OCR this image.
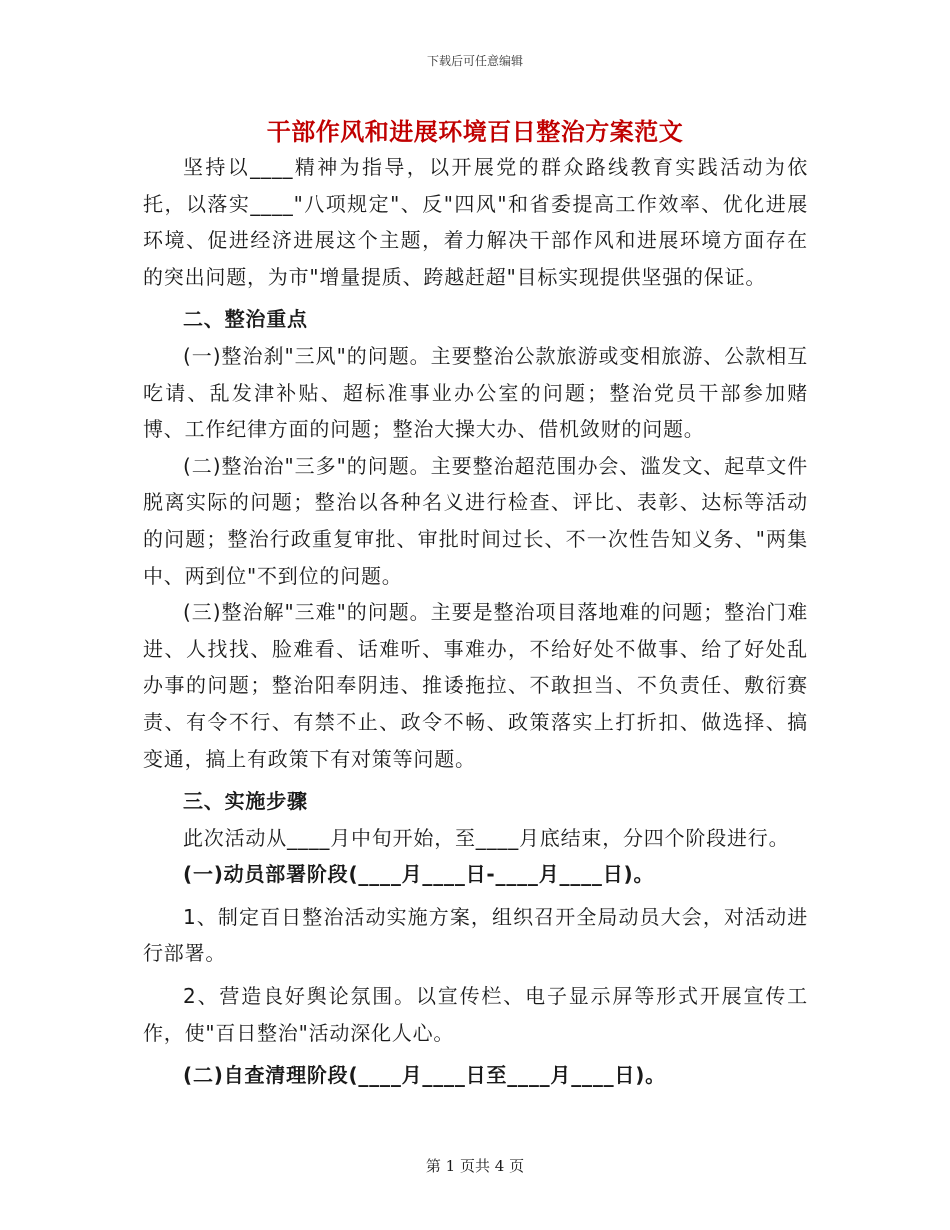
下载后可任意编辑
干部作风和进展环境百日整治方案范文

坚持以____精神为指导，以开展党的群众路线教育实践活动为依托，以落实____"八项规定"、反"四风"和省委提高工作效率、优化进展环境、促进经济进展这个主题，着力解决干部作风和进展环境方面存在的突出问题，为市"增量提质、跨越赶超"目标实现提供坚强的保证。

二、整治重点

(一)整治刹"三风"的问题。主要整治公款旅游或变相旅游、公款相互吃请、乱发津补贴、超标准事业办公室的问题；整治党员干部参加赌博、工作纪律方面的问题；整治大操大办、借机敛财的问题。

(二)整治治"三多"的问题。主要整治超范围办会、滥发文、起草文件脱离实际的问题；整治以各种名义进行检查、评比、表彰、达标等活动的问题；整治行政重复审批、审批时间过长、不一次性告知义务、"两集中、两到位"不到位的问题。

(三)整治解"三难"的问题。主要是整治项目落地难的问题；整治门难进、人找找、脸难看、话难听、事难办，不给好处不做事、给了好处乱办事的问题；整治阳奉阴违、推诿拖拉、不敢担当、不负责任、敷衍赛责、有令不行、有禁不止、政令不畅、政策落实上打折扣、做选择、搞变通，搞上有政策下有对策等问题。

三、实施步骤

此次活动从____月中旬开始，至____月底结束，分四个阶段进行。

(一)动员部署阶段(____月____日-____月____日)。

1、制定百日整治活动实施方案，组织召开全局动员大会，对活动进行部署。

2、营造良好舆论氛围。以宣传栏、电子显示屏等形式开展宣传工作，使"百日整治"活动深化人心。

(二)自查清理阶段(____月____日至____月____日)。

第 1 页共 4 页
